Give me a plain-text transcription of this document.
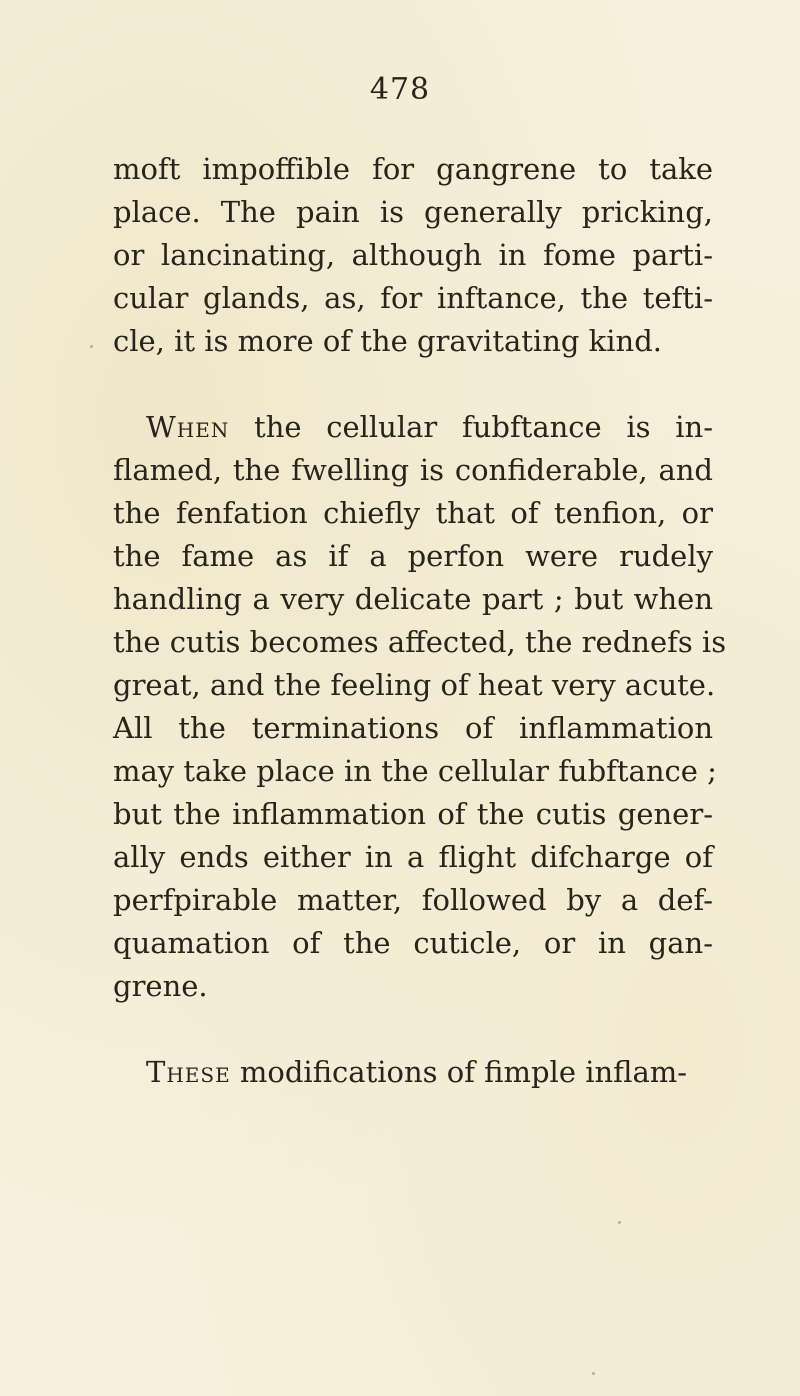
478
moft impoffible for gangrene to take
place. The pain is generally pricking,
or lancinating, although in fome parti-
cular glands, as, for inftance, the tefti-
cle, it is more of the gravitating kind.
When the cellular fubftance is in-
flamed, the fwelling is confiderable, and
the fenfation chiefly that of tenfion, or
the fame as if a perfon were rudely
handling a very delicate part ; but when
the cutis becomes affected, the rednefs is
great, and the feeling of heat very acute.
All the terminations of inflammation
may take place in the cellular fubftance ;
but the inflammation of the cutis gener-
ally ends either in a flight difcharge of
perfpirable matter, followed by a def-
quamation of the cuticle, or in gan-
grene.
These modifications of fimple inflam-
